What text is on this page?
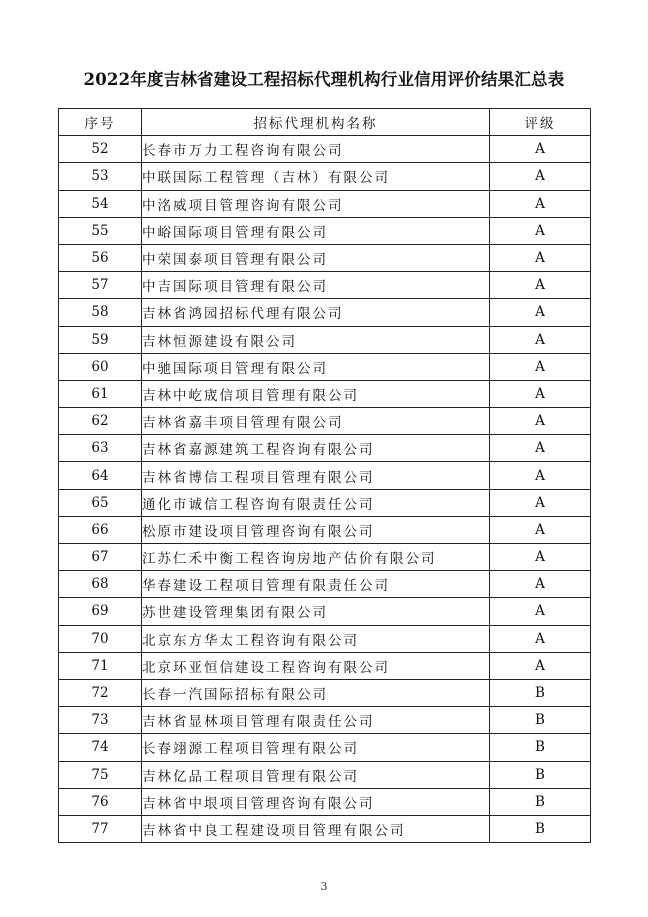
2022年度吉林省建设工程招标代理机构行业信用评价结果汇总表
序号	招标代理机构名称	评级
52	长春市万力工程咨询有限公司	A
53	中联国际工程管理（吉林）有限公司	A
54	中洺威项目管理咨询有限公司	A
55	中峪国际项目管理有限公司	A
56	中荣国泰项目管理有限公司	A
57	中吉国际项目管理有限公司	A
58	吉林省鸿园招标代理有限公司	A
59	吉林恒源建设有限公司	A
60	中驰国际项目管理有限公司	A
61	吉林中屹宬信项目管理有限公司	A
62	吉林省嘉丰项目管理有限公司	A
63	吉林省嘉源建筑工程咨询有限公司	A
64	吉林省博信工程项目管理有限公司	A
65	通化市诚信工程咨询有限责任公司	A
66	松原市建设项目管理咨询有限公司	A
67	江苏仁禾中衡工程咨询房地产估价有限公司	A
68	华春建设工程项目管理有限责任公司	A
69	苏世建设管理集团有限公司	A
70	北京东方华太工程咨询有限公司	A
71	北京环亚恒信建设工程咨询有限公司	A
72	长春一汽国际招标有限公司	B
73	吉林省显林项目管理有限责任公司	B
74	长春翊源工程项目管理有限公司	B
75	吉林亿品工程项目管理有限公司	B
76	吉林省中垠项目管理咨询有限公司	B
77	吉林省中良工程建设项目管理有限公司	B
3
